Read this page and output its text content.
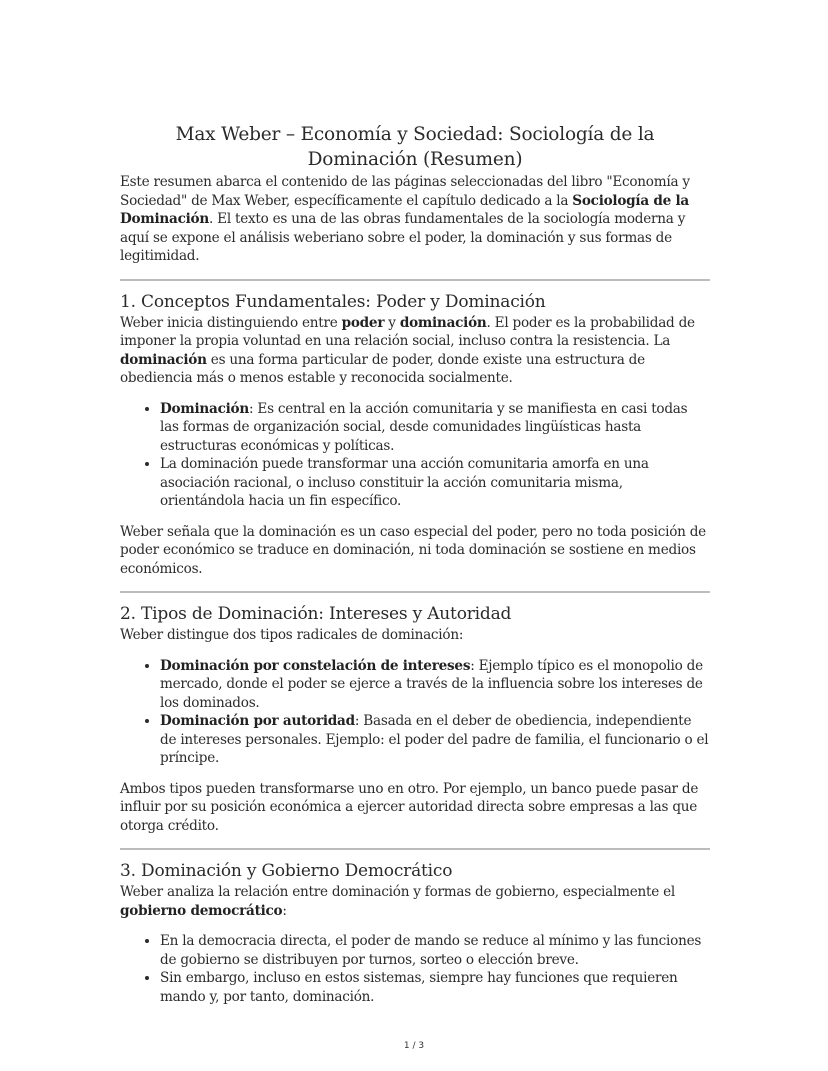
Max Weber – Economía y Sociedad: Sociología de la Dominación (Resumen)

Este resumen abarca el contenido de las páginas seleccionadas del libro "Economía y Sociedad" de Max Weber, específicamente el capítulo dedicado a la Sociología de la Dominación. El texto es una de las obras fundamentales de la sociología moderna y aquí se expone el análisis weberiano sobre el poder, la dominación y sus formas de legitimidad.

1. Conceptos Fundamentales: Poder y Dominación

Weber inicia distinguiendo entre poder y dominación. El poder es la probabilidad de imponer la propia voluntad en una relación social, incluso contra la resistencia. La dominación es una forma particular de poder, donde existe una estructura de obediencia más o menos estable y reconocida socialmente.

• Dominación: Es central en la acción comunitaria y se manifiesta en casi todas las formas de organización social, desde comunidades lingüísticas hasta estructuras económicas y políticas.
• La dominación puede transformar una acción comunitaria amorfa en una asociación racional, o incluso constituir la acción comunitaria misma, orientándola hacia un fin específico.

Weber señala que la dominación es un caso especial del poder, pero no toda posición de poder económico se traduce en dominación, ni toda dominación se sostiene en medios económicos.

2. Tipos de Dominación: Intereses y Autoridad

Weber distingue dos tipos radicales de dominación:

• Dominación por constelación de intereses: Ejemplo típico es el monopolio de mercado, donde el poder se ejerce a través de la influencia sobre los intereses de los dominados.
• Dominación por autoridad: Basada en el deber de obediencia, independiente de intereses personales. Ejemplo: el poder del padre de familia, el funcionario o el príncipe.

Ambos tipos pueden transformarse uno en otro. Por ejemplo, un banco puede pasar de influir por su posición económica a ejercer autoridad directa sobre empresas a las que otorga crédito.

3. Dominación y Gobierno Democrático

Weber analiza la relación entre dominación y formas de gobierno, especialmente el gobierno democrático:

• En la democracia directa, el poder de mando se reduce al mínimo y las funciones de gobierno se distribuyen por turnos, sorteo o elección breve.
• Sin embargo, incluso en estos sistemas, siempre hay funciones que requieren mando y, por tanto, dominación.
1 / 3
